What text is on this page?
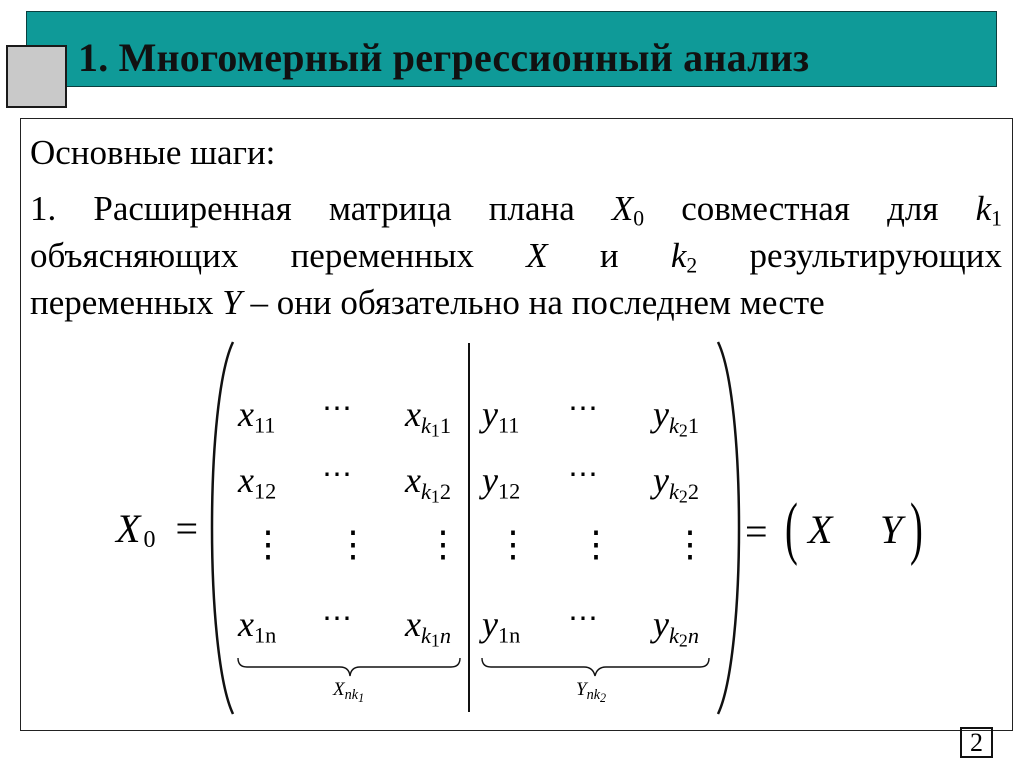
1. Многомерный регрессионный анализ
Основные шаги:
1. Расширенная матрица плана $X_0$ совместная для $k_1$
объясняющих переменных X и $k_2$ результирующих
переменных Y – они обязательно на последнем месте
X $_0$ =
$x_{11}$ ⋯ $x_{k_11}$
$x_{12}$ ⋯ $x_{k_12}$
⋮ ⋮ ⋮
$x_{1n}$ ⋯ $x_{k_1n}$
$y_{11}$ ⋯ $y_{k_21}$
$y_{12}$ ⋯ $y_{k_22}$
⋮ ⋮ ⋮
$y_{1n}$ ⋯ $y_{k_2n}$
$X_{nk_1}$	$Y_{nk_2}$
= ( X Y )
2
